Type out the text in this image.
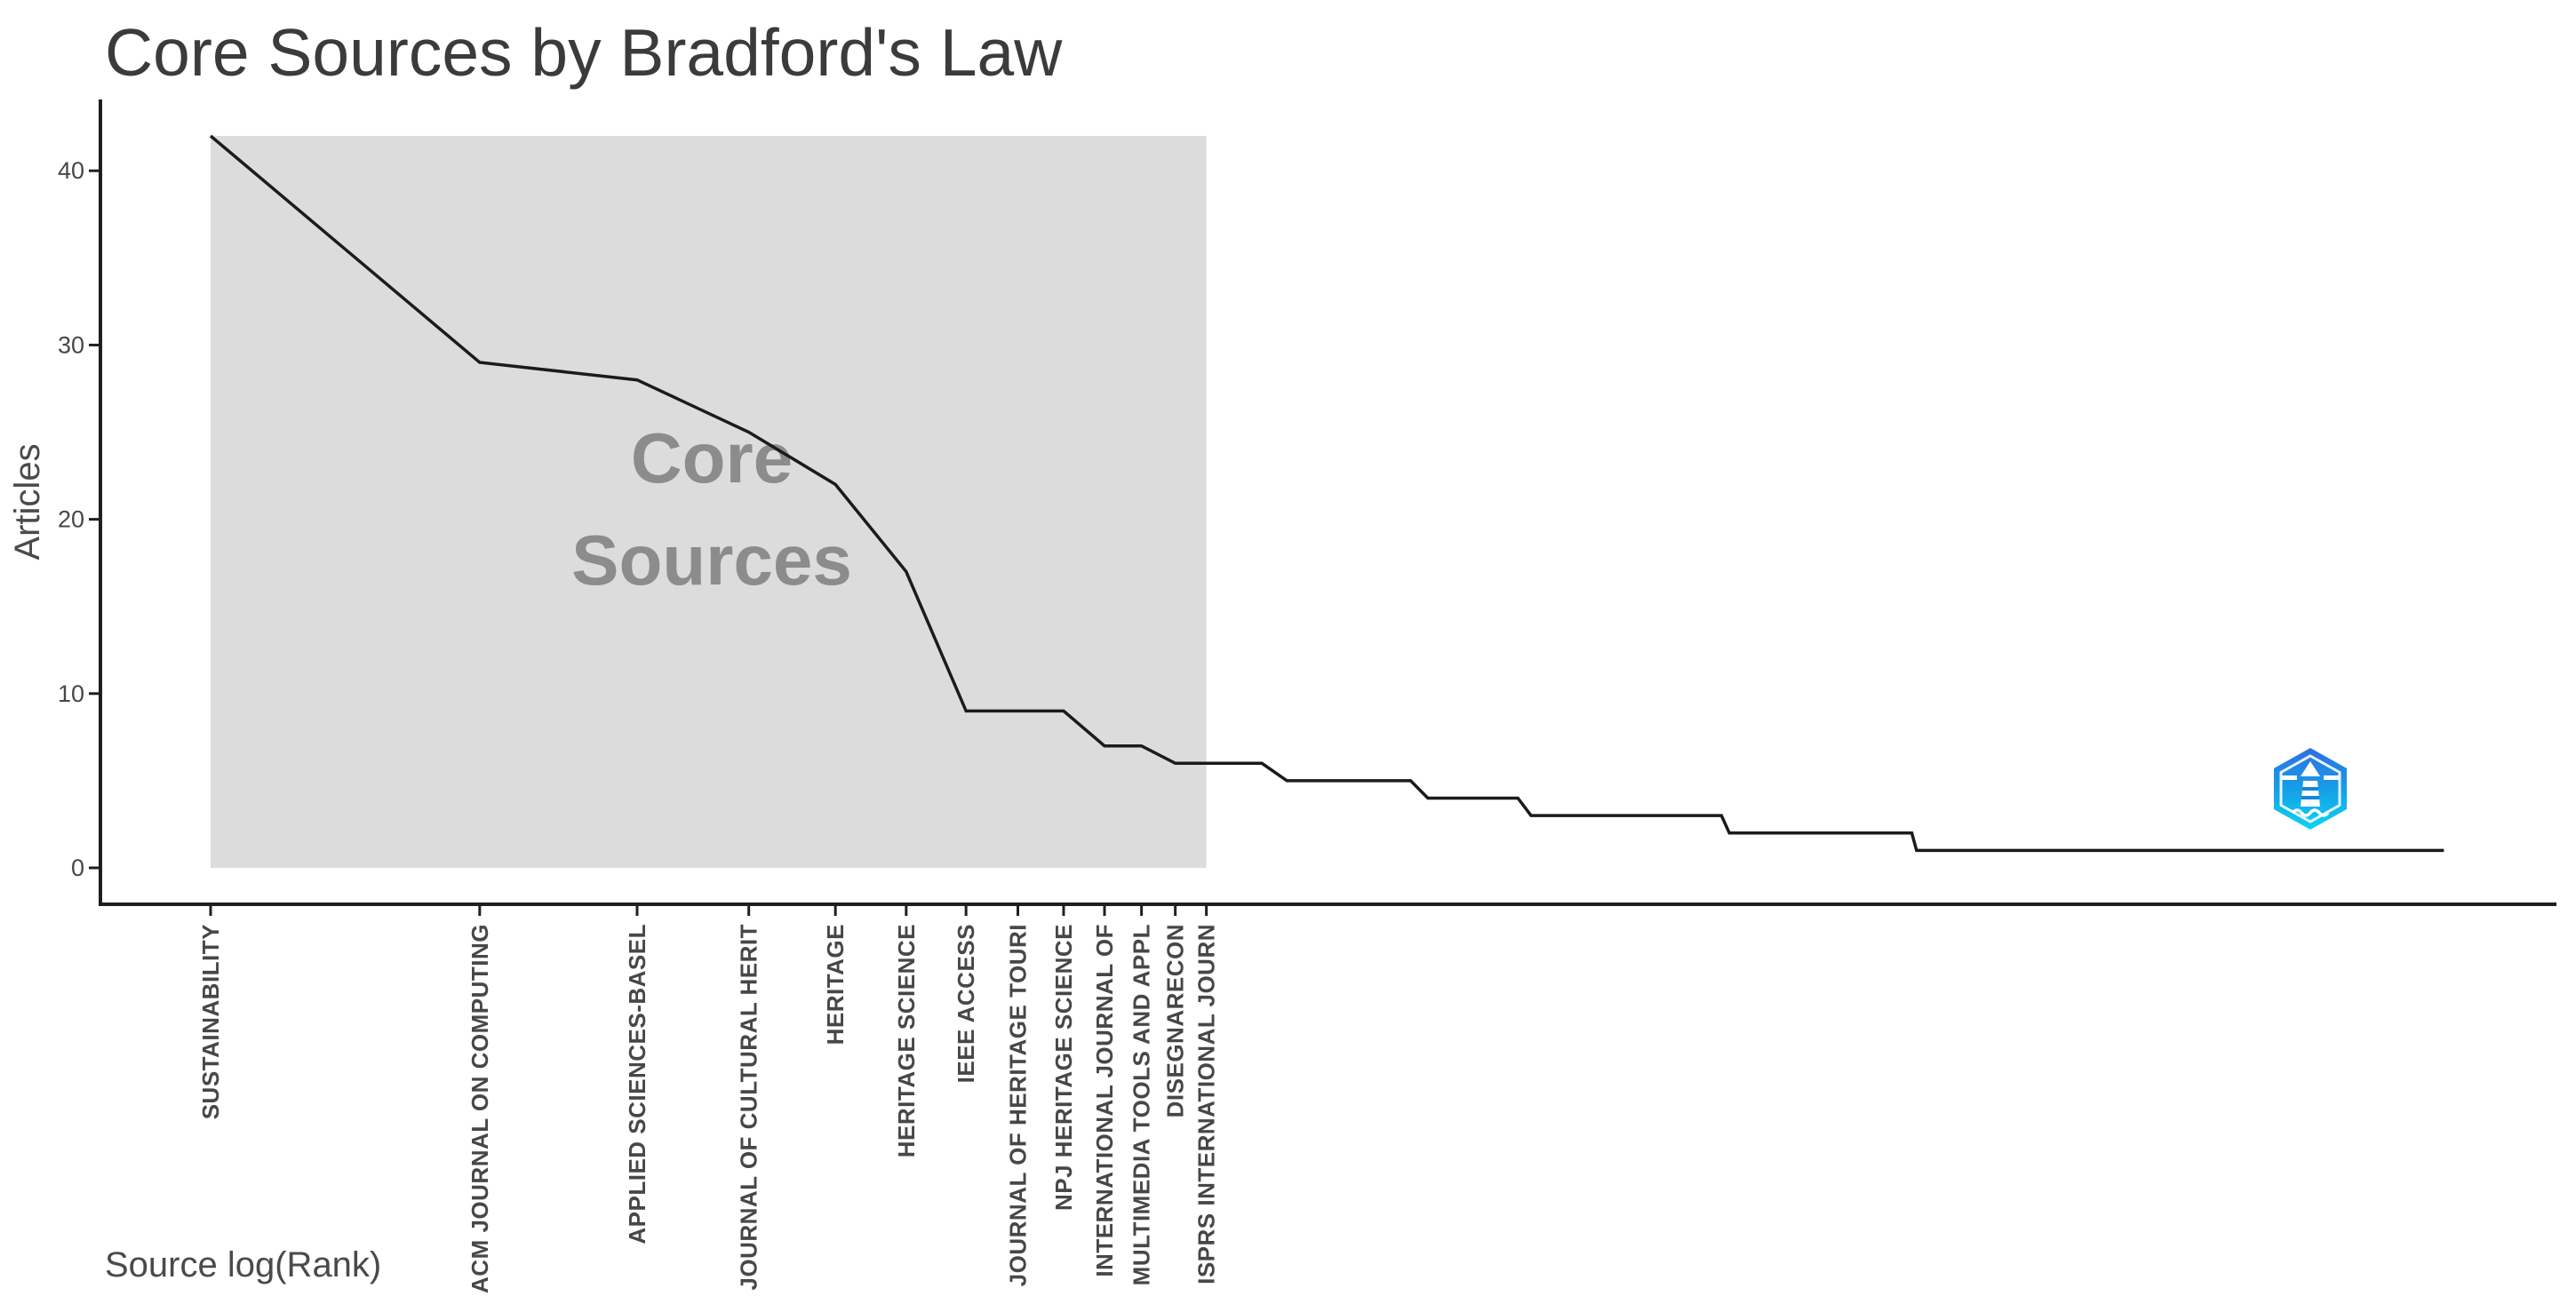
Core
Sources
0
10
20
30
40
SUSTAINABILITY	ACM JOURNAL ON COMPUTING	APPLIED SCIENCES-BASEL	JOURNAL OF CULTURAL HERIT	HERITAGE HERITAGE SCIENCE IEEE ACCESS JOURNAL OF HERITAGE TOURI NPJ HERITAGE SCIENCE INTERNATIONAL JOURNAL OF MULTIMEDIA TOOLS AND APPL DISEGNARECON ISPRS INTERNATIONAL JOURN
Core Sources by Bradford's Law
Articles
Source log(Rank)
